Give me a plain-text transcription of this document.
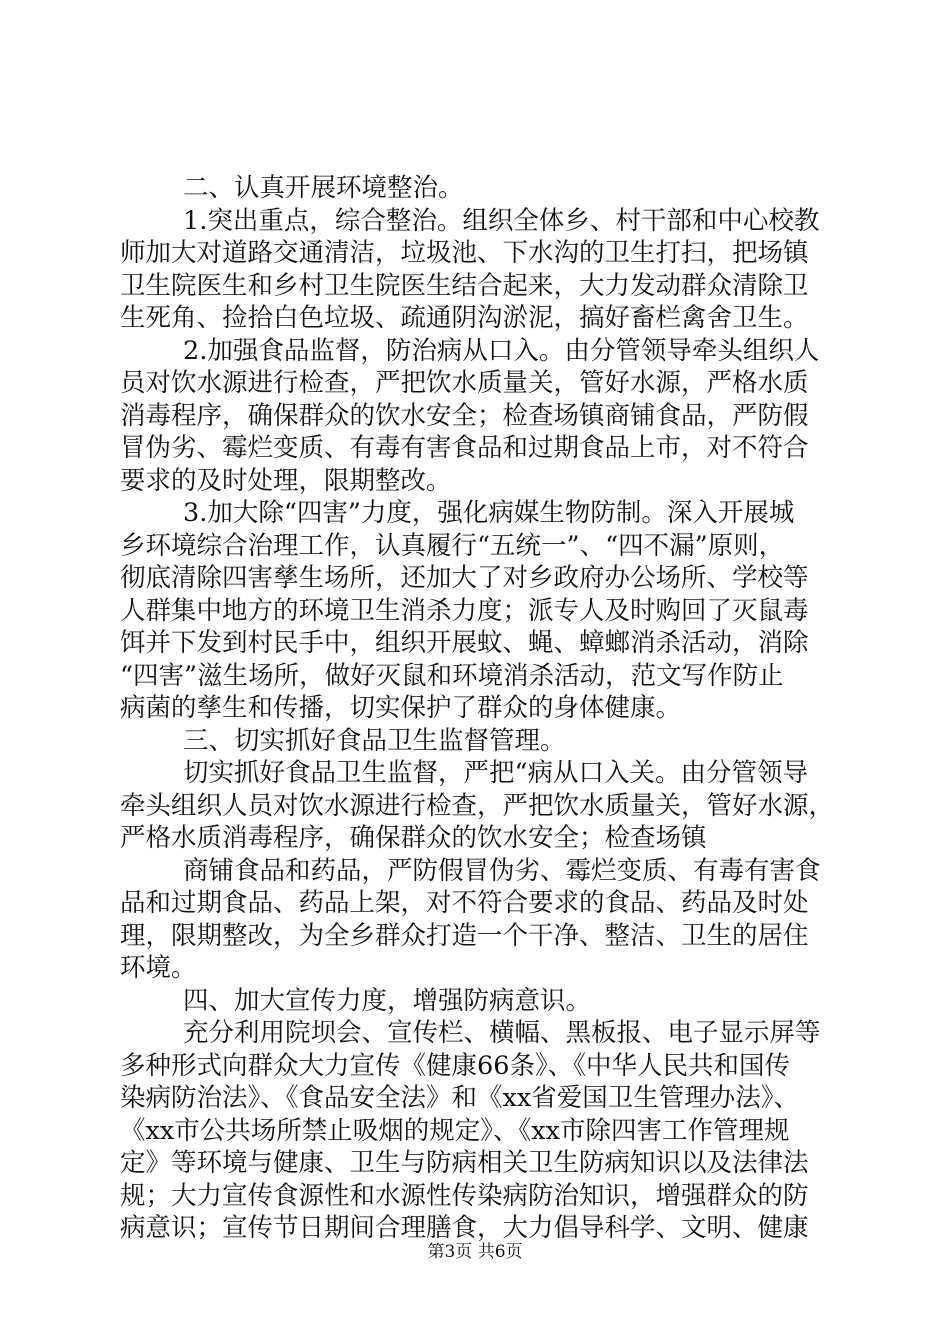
二、认真开展环境整治。
1.突出重点，综合整治。组织全体乡、村干部和中心校教
师加大对道路交通清洁，垃圾池、下水沟的卫生打扫，把场镇
卫生院医生和乡村卫生院医生结合起来，大力发动群众清除卫
生死角、捡拾白色垃圾、疏通阴沟淤泥，搞好畜栏禽舍卫生。
2.加强食品监督，防治病从口入。由分管领导牵头组织人
员对饮水源进行检查，严把饮水质量关，管好水源，严格水质
消毒程序，确保群众的饮水安全；检查场镇商铺食品，严防假
冒伪劣、霉烂变质、有毒有害食品和过期食品上市，对不符合
要求的及时处理，限期整改。
3.加大除“四害”力度，强化病媒生物防制。深入开展城
乡环境综合治理工作，认真履行“五统一”、“四不漏”原则，
彻底清除四害孳生场所，还加大了对乡政府办公场所、学校等
人群集中地方的环境卫生消杀力度；派专人及时购回了灭鼠毒
饵并下发到村民手中，组织开展蚊、蝇、蟑螂消杀活动，消除
“四害”滋生场所，做好灭鼠和环境消杀活动，范文写作防止
病菌的孳生和传播，切实保护了群众的身体健康。
三、切实抓好食品卫生监督管理。
切实抓好食品卫生监督，严把“病从口入关。由分管领导
牵头组织人员对饮水源进行检查，严把饮水质量关，管好水源，
严格水质消毒程序，确保群众的饮水安全；检查场镇
商铺食品和药品，严防假冒伪劣、霉烂变质、有毒有害食
品和过期食品、药品上架，对不符合要求的食品、药品及时处
理，限期整改，为全乡群众打造一个干净、整洁、卫生的居住
环境。
四、加大宣传力度，增强防病意识。
充分利用院坝会、宣传栏、横幅、黑板报、电子显示屏等
多种形式向群众大力宣传《健康66条》、《中华人民共和国传
染病防治法》、《食品安全法》和《xx省爱国卫生管理办法》、
《xx市公共场所禁止吸烟的规定》、《xx市除四害工作管理规
定》等环境与健康、卫生与防病相关卫生防病知识以及法律法
规；大力宣传食源性和水源性传染病防治知识，增强群众的防
病意识；宣传节日期间合理膳食，大力倡导科学、文明、健康
第3页 共6页
